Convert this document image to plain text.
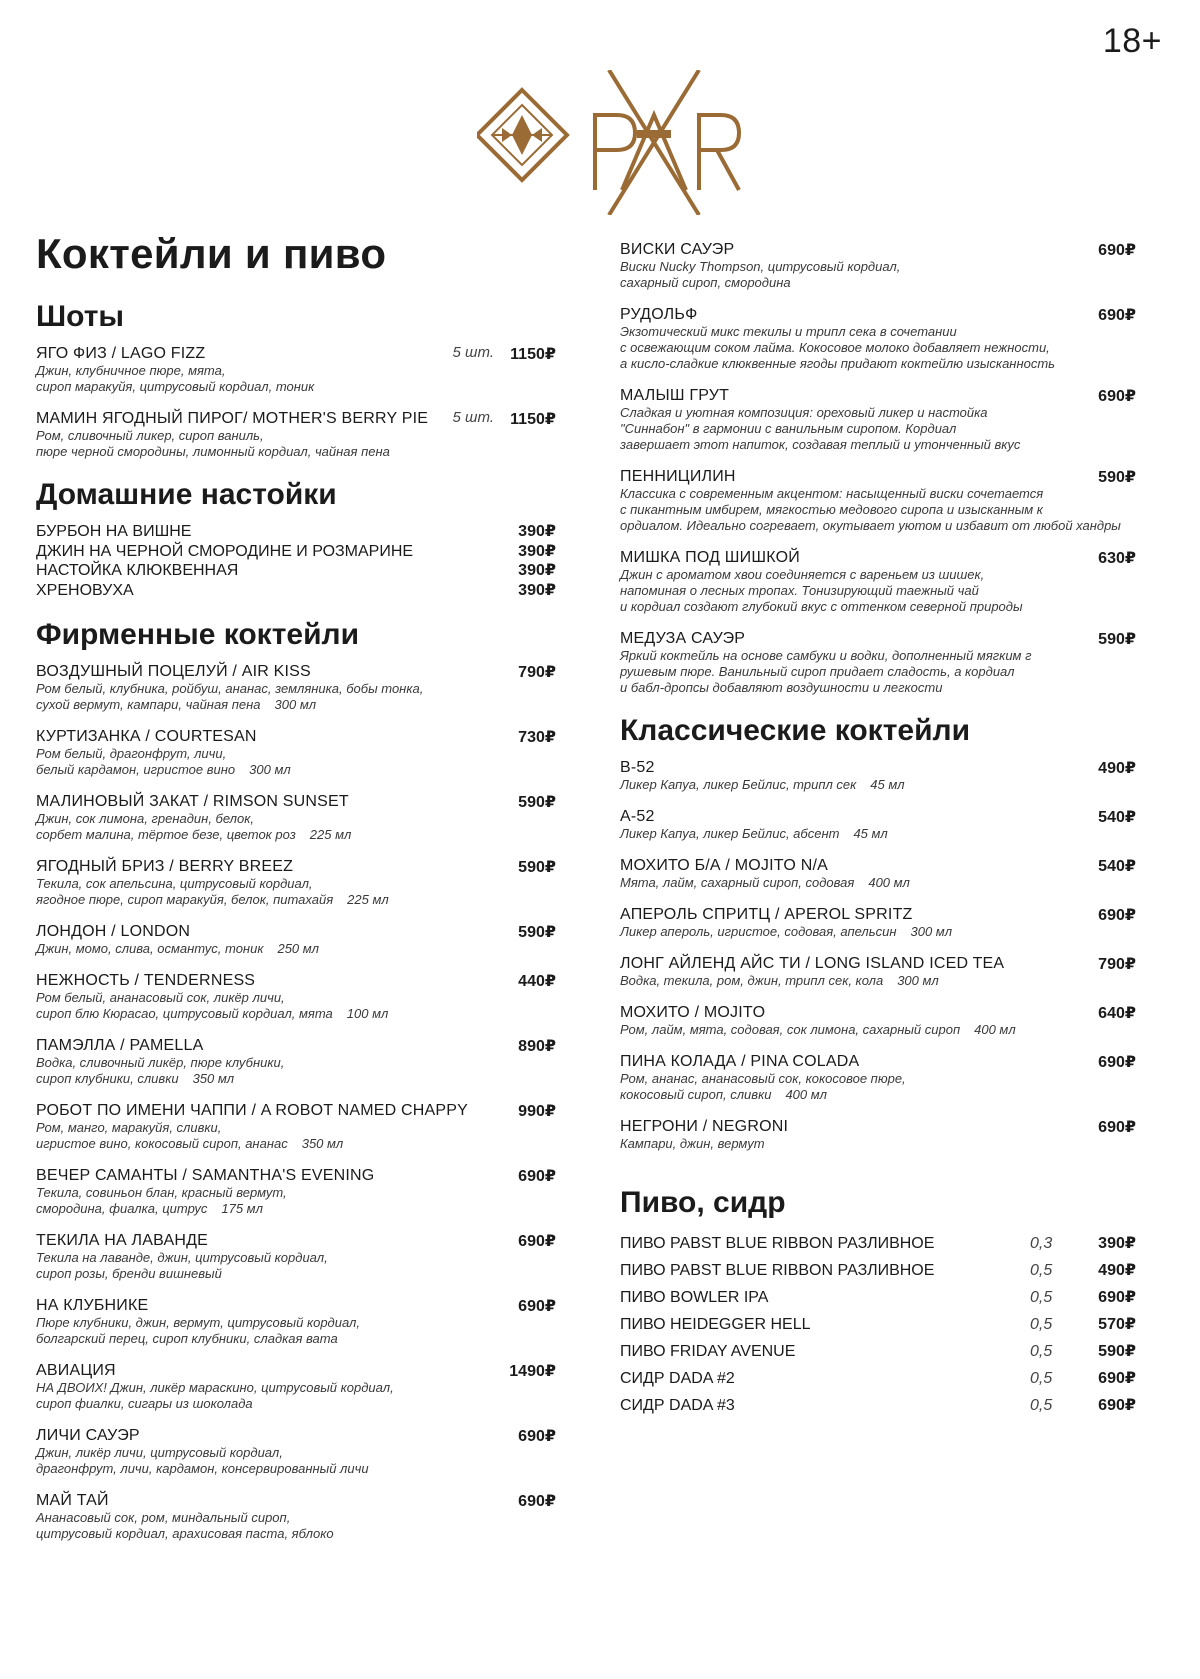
18+
Коктейли и пиво
Шоты
ЯГО ФИЗ / LAGO FIZZ	5 шт. 1150₽
Джин, клубничное пюре, мята,
сироп маракуйя, цитрусовый кордиал, тоник
МАМИН ЯГОДНЫЙ ПИРОГ/ MOTHER'S BERRY PIE	5 шт. 1150₽
Ром, сливочный ликер, сироп ваниль,
пюре черной смородины, лимонный кордиал, чайная пена
Домашние настойки
БУРБОН НА ВИШНЕ	390₽
ДЖИН НА ЧЕРНОЙ СМОРОДИНЕ И РОЗМАРИНЕ	390₽
НАСТОЙКА КЛЮКВЕННАЯ	390₽
ХРЕНОВУХА	390₽
Фирменные коктейли
ВОЗДУШНЫЙ ПОЦЕЛУЙ / AIR KISS	790₽
Ром белый, клубника, ройбуш, ананас, земляника, бобы тонка,
сухой вермут, кампари, чайная пена 300 мл
КУРТИЗАНКА / COURTESAN	730₽
Ром белый, драгонфрут, личи,
белый кардамон, игристое вино 300 мл
МАЛИНОВЫЙ ЗАКАТ / RIMSON SUNSET	590₽
Джин, сок лимона, гренадин, белок,
сорбет малина, тёртое безе, цветок роз 225 мл
ЯГОДНЫЙ БРИЗ / BERRY BREEZ	590₽
Текила, сок апельсина, цитрусовый кордиал,
ягодное пюре, сироп маракуйя, белок, питахайя 225 мл
ЛОНДОН / LONDON	590₽
Джин, момо, слива, османтус, тоник 250 мл
НЕЖНОСТЬ / TENDERNESS	440₽
Ром белый, ананасовый сок, ликёр личи,
сироп блю Кюрасао, цитрусовый кордиал, мята 100 мл
ПАМЭЛЛА / PAMELLA	890₽
Водка, сливочный ликёр, пюре клубники,
сироп клубники, сливки 350 мл
РОБОТ ПО ИМЕНИ ЧАППИ / A ROBOT NAMED CHAPPY	990₽
Ром, манго, маракуйя, сливки,
игристое вино, кокосовый сироп, ананас 350 мл
ВЕЧЕР САМАНТЫ / SAMANTHA'S EVENING	690₽
Текила, совиньон блан, красный вермут,
смородина, фиалка, цитрус 175 мл
ТЕКИЛА НА ЛАВАНДЕ	690₽
Текила на лаванде, джин, цитрусовый кордиал,
сироп розы, бренди вишневый
НА КЛУБНИКЕ	690₽
Пюре клубники, джин, вермут, цитрусовый кордиал,
болгарский перец, сироп клубники, сладкая вата
АВИАЦИЯ	1490₽
НА ДВОИХ! Джин, ликёр мараскино, цитрусовый кордиал,
сироп фиалки, сигары из шоколада
ЛИЧИ САУЭР	690₽
Джин, ликёр личи, цитрусовый кордиал,
драгонфрут, личи, кардамон, консервированный личи
МАЙ ТАЙ	690₽
Ананасовый сок, ром, миндальный сироп,
цитрусовый кордиал, арахисовая паста, яблоко
ВИСКИ САУЭР	690₽
Виски Nucky Thompson, цитрусовый кордиал,
сахарный сироп, смородина
РУДОЛЬФ	690₽
Экзотический микс текилы и трипл сека в сочетании
с освежающим соком лайма. Кокосовое молоко добавляет нежности,
а кисло-сладкие клюквенные ягоды придают коктейлю изысканность
МАЛЫШ ГРУТ	690₽
Сладкая и уютная композиция: ореховый ликер и настойка
"Синнабон" в гармонии с ванильным сиропом. Кордиал
завершает этот напиток, создавая теплый и утонченный вкус
ПЕННИЦИЛИН	590₽
Классика с современным акцентом: насыщенный виски сочетается
с пикантным имбирем, мягкостью медового сиропа и изысканным к
ордиалом. Идеально согревает, окутывает уютом и избавит от любой хандры
МИШКА ПОД ШИШКОЙ	630₽
Джин с ароматом хвои соединяется с вареньем из шишек,
напоминая о лесных тропах. Тонизирующий таежный чай
и кордиал создают глубокий вкус с оттенком северной природы
МЕДУЗА САУЭР	590₽
Яркий коктейль на основе самбуки и водки, дополненный мягким г
рушевым пюре. Ванильный сироп придает сладость, а кордиал
и бабл-дропсы добавляют воздушности и легкости
Классические коктейли
B-52	490₽
Ликер Капуа, ликер Бейлис, трипл сек 45 мл
A-52	540₽
Ликер Капуа, ликер Бейлис, абсент 45 мл
МОХИТО Б/А / MOJITO N/A	540₽
Мята, лайм, сахарный сироп, содовая 400 мл
АПЕРОЛЬ СПРИТЦ / APEROL SPRITZ	690₽
Ликер апероль, игристое, содовая, апельсин 300 мл
ЛОНГ АЙЛЕНД АЙС ТИ / LONG ISLAND ICED TEA	790₽
Водка, текила, ром, джин, трипл сек, кола 300 мл
МОХИТО / MOJITO	640₽
Ром, лайм, мята, содовая, сок лимона, сахарный сироп 400 мл
ПИНА КОЛАДА / PINA COLADA	690₽
Ром, ананас, ананасовый сок, кокосовое пюре,
кокосовый сироп, сливки 400 мл
НЕГРОНИ / NEGRONI	690₽
Кампари, джин, вермут
Пиво, сидр
ПИВО PABST BLUE RIBBON РАЗЛИВНОЕ	0,3	390₽
ПИВО PABST BLUE RIBBON РАЗЛИВНОЕ	0,5	490₽
ПИВО BOWLER IPA	0,5	690₽
ПИВО HEIDEGGER HELL	0,5	570₽
ПИВО FRIDAY AVENUE	0,5	590₽
СИДР DADA #2	0,5	690₽
СИДР DADA #3	0,5	690₽
